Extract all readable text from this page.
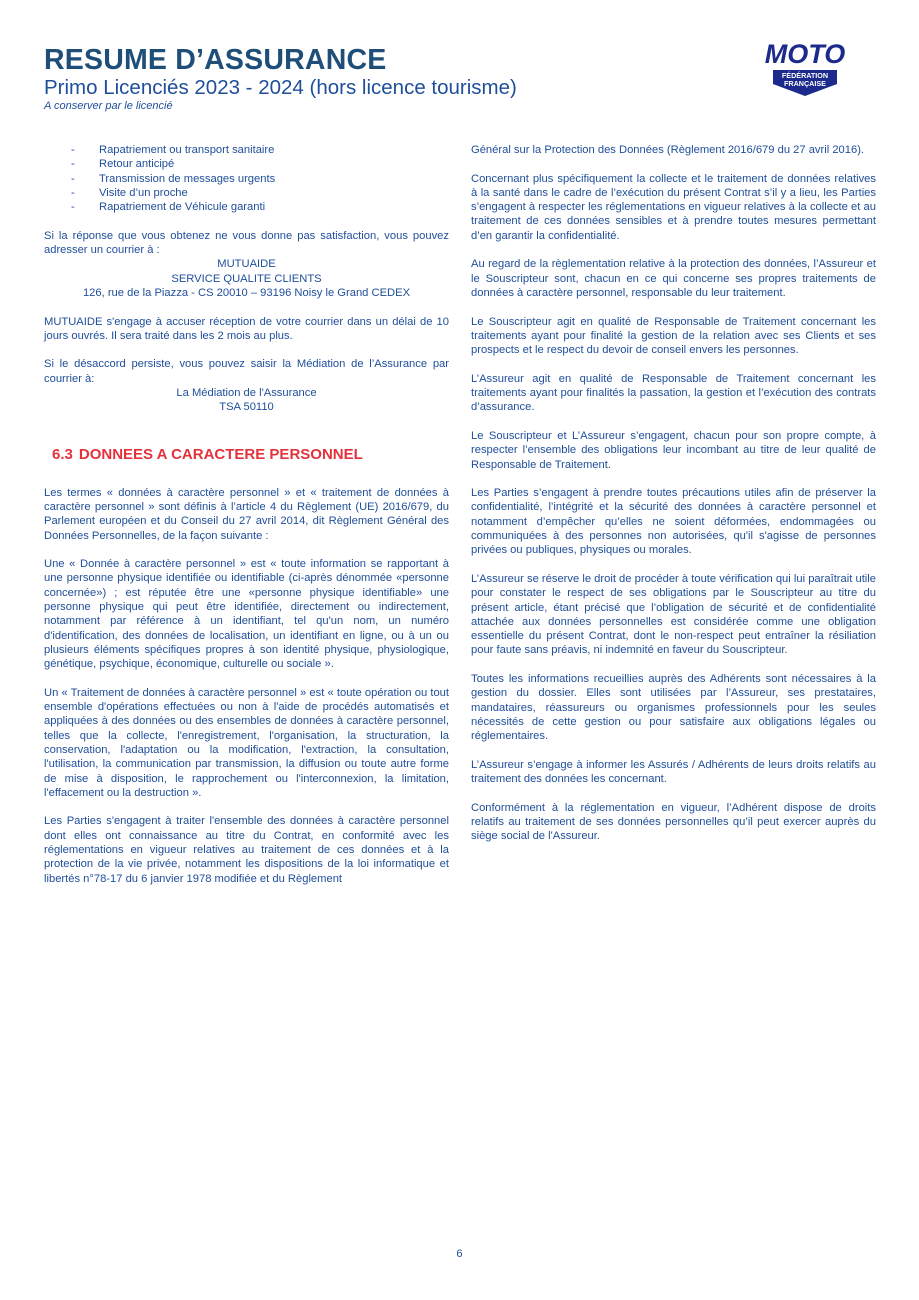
RESUME D’ASSURANCE
Primo Licenciés 2023 - 2024 (hors licence tourisme)
A conserver par le licencié
MOTO
FÉDÉRATION
FRANÇAISE
- Rapatriement ou transport sanitaire
- Retour anticipé
- Transmission de messages urgents
- Visite d’un proche
- Rapatriement de Véhicule garanti

Si la réponse que vous obtenez ne vous donne pas satisfaction, vous pouvez adresser un courrier à :

MUTUAIDE
SERVICE QUALITE CLIENTS
126, rue de la Piazza - CS 20010 – 93196 Noisy le Grand CEDEX

MUTUAIDE s'engage à accuser réception de votre courrier dans un délai de 10 jours ouvrés. Il sera traité dans les 2 mois au plus.

Si le désaccord persiste, vous pouvez saisir la Médiation de l’Assurance par courrier à:

La Médiation de l'Assurance
TSA 50110

6.3 DONNEES A CARACTERE PERSONNEL

Les termes « données à caractère personnel » et « traitement de données à caractère personnel » sont définis à l’article 4 du Règlement (UE) 2016/679, du Parlement européen et du Conseil du 27 avril 2014, dit Règlement Général des Données Personnelles, de la façon suivante :

Une « Donnée à caractère personnel » est « toute information se rapportant à une personne physique identifiée ou identifiable (ci-après dénommée «personne concernée») ; est réputée être une «personne physique identifiable» une personne physique qui peut être identifiée, directement ou indirectement, notamment par référence à un identifiant, tel qu'un nom, un numéro d'identification, des données de localisation, un identifiant en ligne, ou à un ou plusieurs éléments spécifiques propres à son identité physique, physiologique, génétique, psychique, économique, culturelle ou sociale ».

Un « Traitement de données à caractère personnel » est « toute opération ou tout ensemble d'opérations effectuées ou non à l'aide de procédés automatisés et appliquées à des données ou des ensembles de données à caractère personnel, telles que la collecte, l'enregistrement, l'organisation, la structuration, la conservation, l'adaptation ou la modification, l'extraction, la consultation, l'utilisation, la communication par transmission, la diffusion ou toute autre forme de mise à disposition, le rapprochement ou l'interconnexion, la limitation, l'effacement ou la destruction ».

Les Parties s'engagent à traiter l'ensemble des données à caractère personnel dont elles ont connaissance au titre du Contrat, en conformité avec les réglementations en vigueur relatives au traitement de ces données et à la protection de la vie privée, notamment les dispositions de la loi informatique et libertés n°78-17 du 6 janvier 1978 modifiée et du Règlement

Général sur la Protection des Données (Règlement 2016/679 du 27 avril 2016).

Concernant plus spécifiquement la collecte et le traitement de données relatives à la santé dans le cadre de l’exécution du présent Contrat s’il y a lieu, les Parties s’engagent à respecter les réglementations en vigueur relatives à la collecte et au traitement de ces données sensibles et à prendre toutes mesures permettant d’en garantir la confidentialité.

Au regard de la règlementation relative à la protection des données, l’Assureur et le Souscripteur sont, chacun en ce qui concerne ses propres traitements de données à caractère personnel, responsable du leur traitement.

Le Souscripteur agit en qualité de Responsable de Traitement concernant les traitements ayant pour finalité la gestion de la relation avec ses Clients et ses prospects et le respect du devoir de conseil envers les personnes.

L’Assureur agit en qualité de Responsable de Traitement concernant les traitements ayant pour finalités la passation, la gestion et l’exécution des contrats d’assurance.

Le Souscripteur et L’Assureur s’engagent, chacun pour son propre compte, à respecter l’ensemble des obligations leur incombant au titre de leur qualité de Responsable de Traitement.

Les Parties s’engagent à prendre toutes précautions utiles afin de préserver la confidentialité, l’intégrité et la sécurité des données à caractère personnel et notamment d’empêcher qu’elles ne soient déformées, endommagées ou communiquées à des personnes non autorisées, qu'il s'agisse de personnes privées ou publiques, physiques ou morales.

L’Assureur se réserve le droit de procéder à toute vérification qui lui paraîtrait utile pour constater le respect de ses obligations par le Souscripteur au titre du présent article, étant précisé que l’obligation de sécurité et de confidentialité attachée aux données personnelles est considérée comme une obligation essentielle du présent Contrat, dont le non-respect peut entraîner la résiliation pour faute sans préavis, ni indemnité en faveur du Souscripteur.

Toutes les informations recueillies auprès des Adhérents sont nécessaires à la gestion du dossier. Elles sont utilisées par l’Assureur, ses prestataires, mandataires, réassureurs ou organismes professionnels pour les seules nécessités de cette gestion ou pour satisfaire aux obligations légales ou réglementaires.

L’Assureur s’engage à informer les Assurés / Adhérents de leurs droits relatifs au traitement des données les concernant.

Conformément à la réglementation en vigueur, l’Adhérent dispose de droits relatifs au traitement de ses données personnelles qu’il peut exercer auprès du siège social de l'Assureur.

6
